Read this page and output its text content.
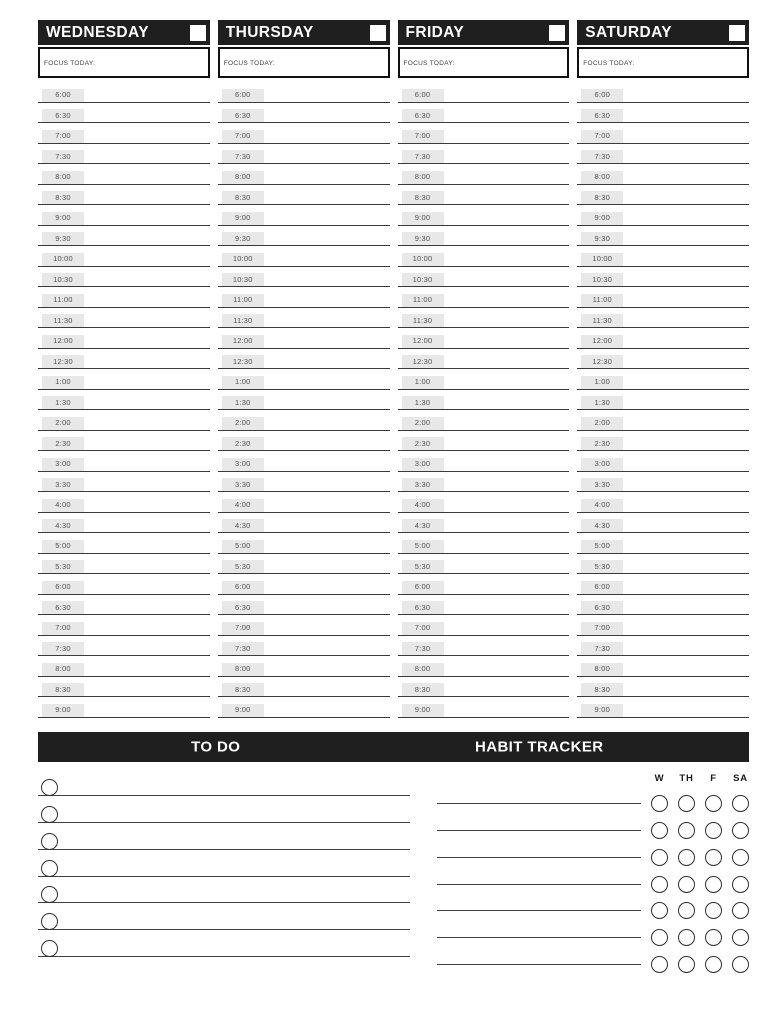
WEDNESDAY
FOCUS TODAY:
6:00
6:30
7:00
7:30
8:00
8:30
9:00
9:30
10:00
10:30
11:00
11:30
12:00
12:30
1:00
1:30
2:00
2:30
3:00
3:30
4:00
4:30
5:00
5:30
6:00
6:30
7:00
7:30
8:00
8:30
9:00
THURSDAY
FOCUS TODAY:
6:00
6:30
7:00
7:30
8:00
8:30
9:00
9:30
10:00
10:30
11:00
11:30
12:00
12:30
1:00
1:30
2:00
2:30
3:00
3:30
4:00
4:30
5:00
5:30
6:00
6:30
7:00
7:30
8:00
8:30
9:00
FRIDAY
FOCUS TODAY:
6:00
6:30
7:00
7:30
8:00
8:30
9:00
9:30
10:00
10:30
11:00
11:30
12:00
12:30
1:00
1:30
2:00
2:30
3:00
3:30
4:00
4:30
5:00
5:30
6:00
6:30
7:00
7:30
8:00
8:30
9:00
SATURDAY
FOCUS TODAY:
6:00
6:30
7:00
7:30
8:00
8:30
9:00
9:30
10:00
10:30
11:00
11:30
12:00
12:30
1:00
1:30
2:00
2:30
3:00
3:30
4:00
4:30
5:00
5:30
6:00
6:30
7:00
7:30
8:00
8:30
9:00
TO DO	HABIT TRACKER
W	TH	F	SA
